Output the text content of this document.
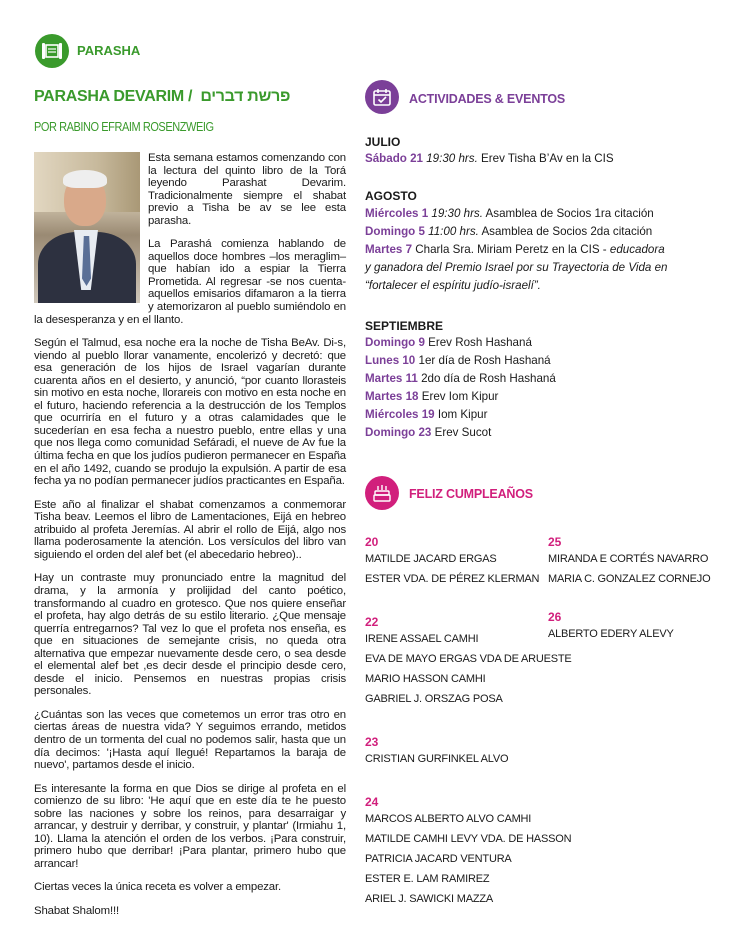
PARASHA
PARASHA DEVARIM / פרשת דברים
POR RABINO EFRAIM ROSENZWEIG

Esta semana estamos comenzando con la lectura del quinto libro de la Torá leyendo Parashat Devarim. Tradicionalmente siempre el shabat previo a Tisha be av se lee esta parasha.

La Parashá comienza hablando de aquellos doce hombres –los meraglim– que habían ido a espiar la Tierra Prometida. Al regresar -se nos cuenta- aquellos emisarios difamaron a la tierra y atemorizaron al pueblo sumiéndolo en la desesperanza y en el llanto.

Según el Talmud, esa noche era la noche de Tisha BeAv. Di-s, viendo al pueblo llorar vanamente, encolerizó y decretó: que esa generación de los hijos de Israel vagarían durante cuarenta años en el desierto, y anunció, “por cuanto llorasteis sin motivo en esta noche, llorareis con motivo en esta noche en el futuro, haciendo referencia a la destrucción de los Templos que ocurriría en el futuro y a otras calamidades que le sucederían en esa fecha a nuestro pueblo, entre ellas y una que nos llega como comunidad Sefáradi, el nueve de Av fue la última fecha en que los judíos pudieron permanecer en España en el año 1492, cuando se produjo la expulsión. A partir de esa fecha ya no podían permanecer judíos practicantes en España.

Este año al finalizar el shabat comenzamos a conmemorar Tisha beav. Leemos el libro de Lamentaciones, Eijá en hebreo atribuido al profeta Jeremías. Al abrir el rollo de Eijá, algo nos llama poderosamente la atención. Los versículos del libro van siguiendo el orden del alef bet (el abecedario hebreo)..

Hay un contraste muy pronunciado entre la magnitud del drama, y la armonía y prolijidad del canto poético, transformando al cuadro en grotesco. Que nos quiere enseñar el profeta, hay algo detrás de su estilo literario. ¿Que mensaje querría entregarnos? Tal vez lo que el profeta nos enseña, es que en situaciones de semejante crisis, no queda otra alternativa que empezar nuevamente desde cero, o sea desde el elemental alef bet ,es decir desde el principio desde cero, desde el inicio. Pensemos en nuestras propias crisis personales.

¿Cuántas son las veces que cometemos un error tras otro en ciertas áreas de nuestra vida? Y seguimos errando, metidos dentro de un tormenta del cual no podemos salir, hasta que un día decimos: '¡Hasta aquí llegué! Repartamos la baraja de nuevo', partamos desde el inicio.

Es interesante la forma en que Dios se dirige al profeta en el comienzo de su libro: 'He aquí que en este día te he puesto sobre las naciones y sobre los reinos, para desarraigar y arrancar, y destruir y derribar, y construir, y plantar' (Irmiahu 1, 10). Llama la atención el orden de los verbos. ¡Para construir, primero hubo que derribar! ¡Para plantar, primero hubo que arrancar!

Ciertas veces la única receta es volver a empezar.

Shabat Shalom!!!

ACTIVIDADES & EVENTOS
JULIO
Sábado 21 19:30 hrs. Erev Tisha B’Av en la CIS
AGOSTO
Miércoles 1 19:30 hrs. Asamblea de Socios 1ra citación
Domingo 5 11:00 hrs. Asamblea de Socios 2da citación
Martes 7 Charla Sra. Miriam Peretz en la CIS - educadora
y ganadora del Premio Israel por su Trayectoria de Vida en
“fortalecer el espíritu judío-israelí”.
SEPTIEMBRE
Domingo 9 Erev Rosh Hashaná
Lunes 10 1er día de Rosh Hashaná
Martes 11 2do día de Rosh Hashaná
Martes 18 Erev Iom Kipur
Miércoles 19 Iom Kipur
Domingo 23 Erev Sucot
FELIZ CUMPLEAÑOS
20
MATILDE JACARD ERGAS
ESTER VDA. DE PÉREZ KLERMAN
22
IRENE ASSAEL CAMHI
EVA DE MAYO ERGAS VDA DE ARUESTE
MARIO HASSON CAMHI
GABRIEL J. ORSZAG POSA
23
CRISTIAN GURFINKEL ALVO
24
MARCOS ALBERTO ALVO CAMHI
MATILDE CAMHI LEVY VDA. DE HASSON
PATRICIA JACARD VENTURA
ESTER E. LAM RAMIREZ
ARIEL J. SAWICKI MAZZA
25
MIRANDA E CORTÉS NAVARRO
MARIA C. GONZALEZ CORNEJO
26
ALBERTO EDERY ALEVY
